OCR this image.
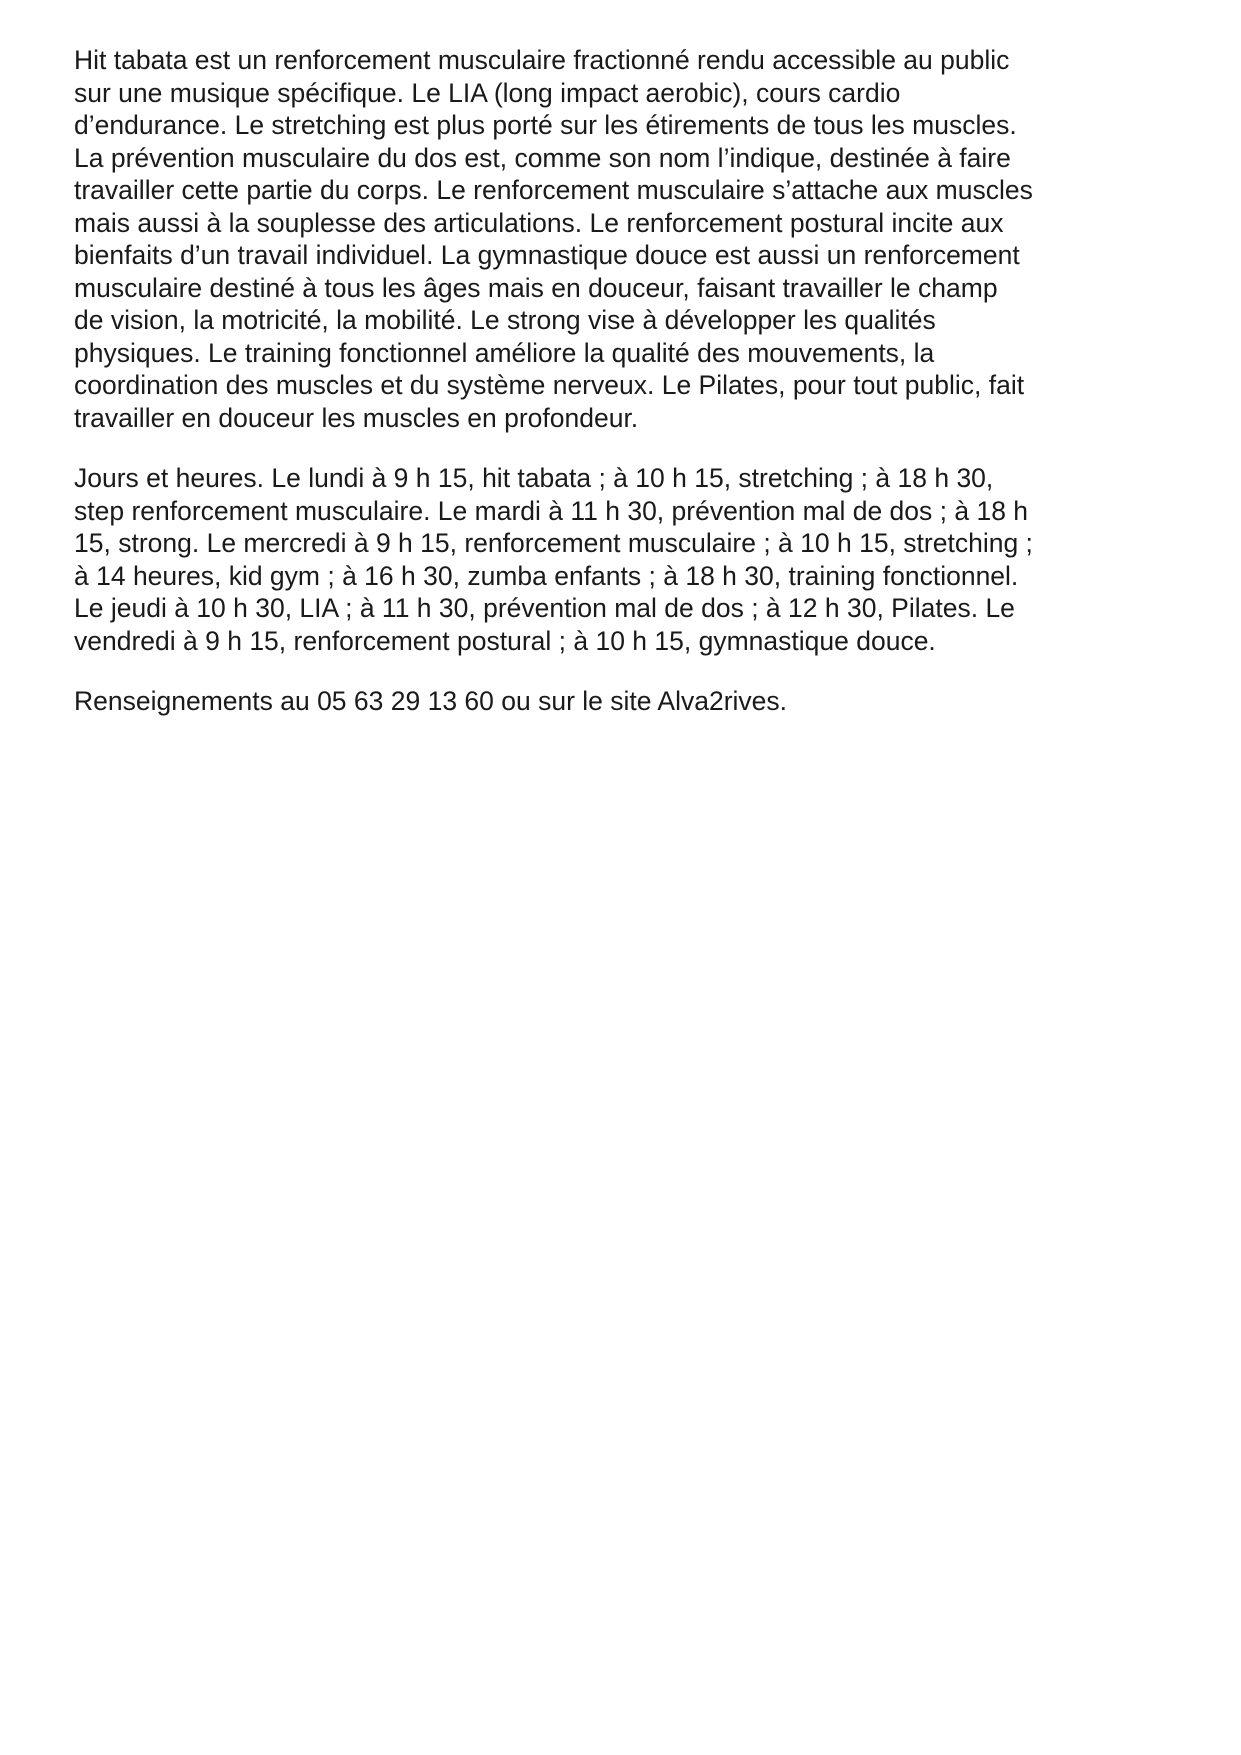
Hit tabata est un renforcement musculaire fractionné rendu accessible au public
sur une musique spécifique. Le LIA (long impact aerobic), cours cardio
d’endurance. Le stretching est plus porté sur les étirements de tous les muscles.
La prévention musculaire du dos est, comme son nom l’indique, destinée à faire
travailler cette partie du corps. Le renforcement musculaire s’attache aux muscles
mais aussi à la souplesse des articulations. Le renforcement postural incite aux
bienfaits d’un travail individuel. La gymnastique douce est aussi un renforcement
musculaire destiné à tous les âges mais en douceur, faisant travailler le champ
de vision, la motricité, la mobilité. Le strong vise à développer les qualités
physiques. Le training fonctionnel améliore la qualité des mouvements, la
coordination des muscles et du système nerveux. Le Pilates, pour tout public, fait
travailler en douceur les muscles en profondeur.

Jours et heures. Le lundi à 9 h 15, hit tabata ; à 10 h 15, stretching ; à 18 h 30,
step renforcement musculaire. Le mardi à 11 h 30, prévention mal de dos ; à 18 h
15, strong. Le mercredi à 9 h 15, renforcement musculaire ; à 10 h 15, stretching ;
à 14 heures, kid gym ; à 16 h 30, zumba enfants ; à 18 h 30, training fonctionnel.
Le jeudi à 10 h 30, LIA ; à 11 h 30, prévention mal de dos ; à 12 h 30, Pilates. Le
vendredi à 9 h 15, renforcement postural ; à 10 h 15, gymnastique douce.

Renseignements au 05 63 29 13 60 ou sur le site Alva2rives.
